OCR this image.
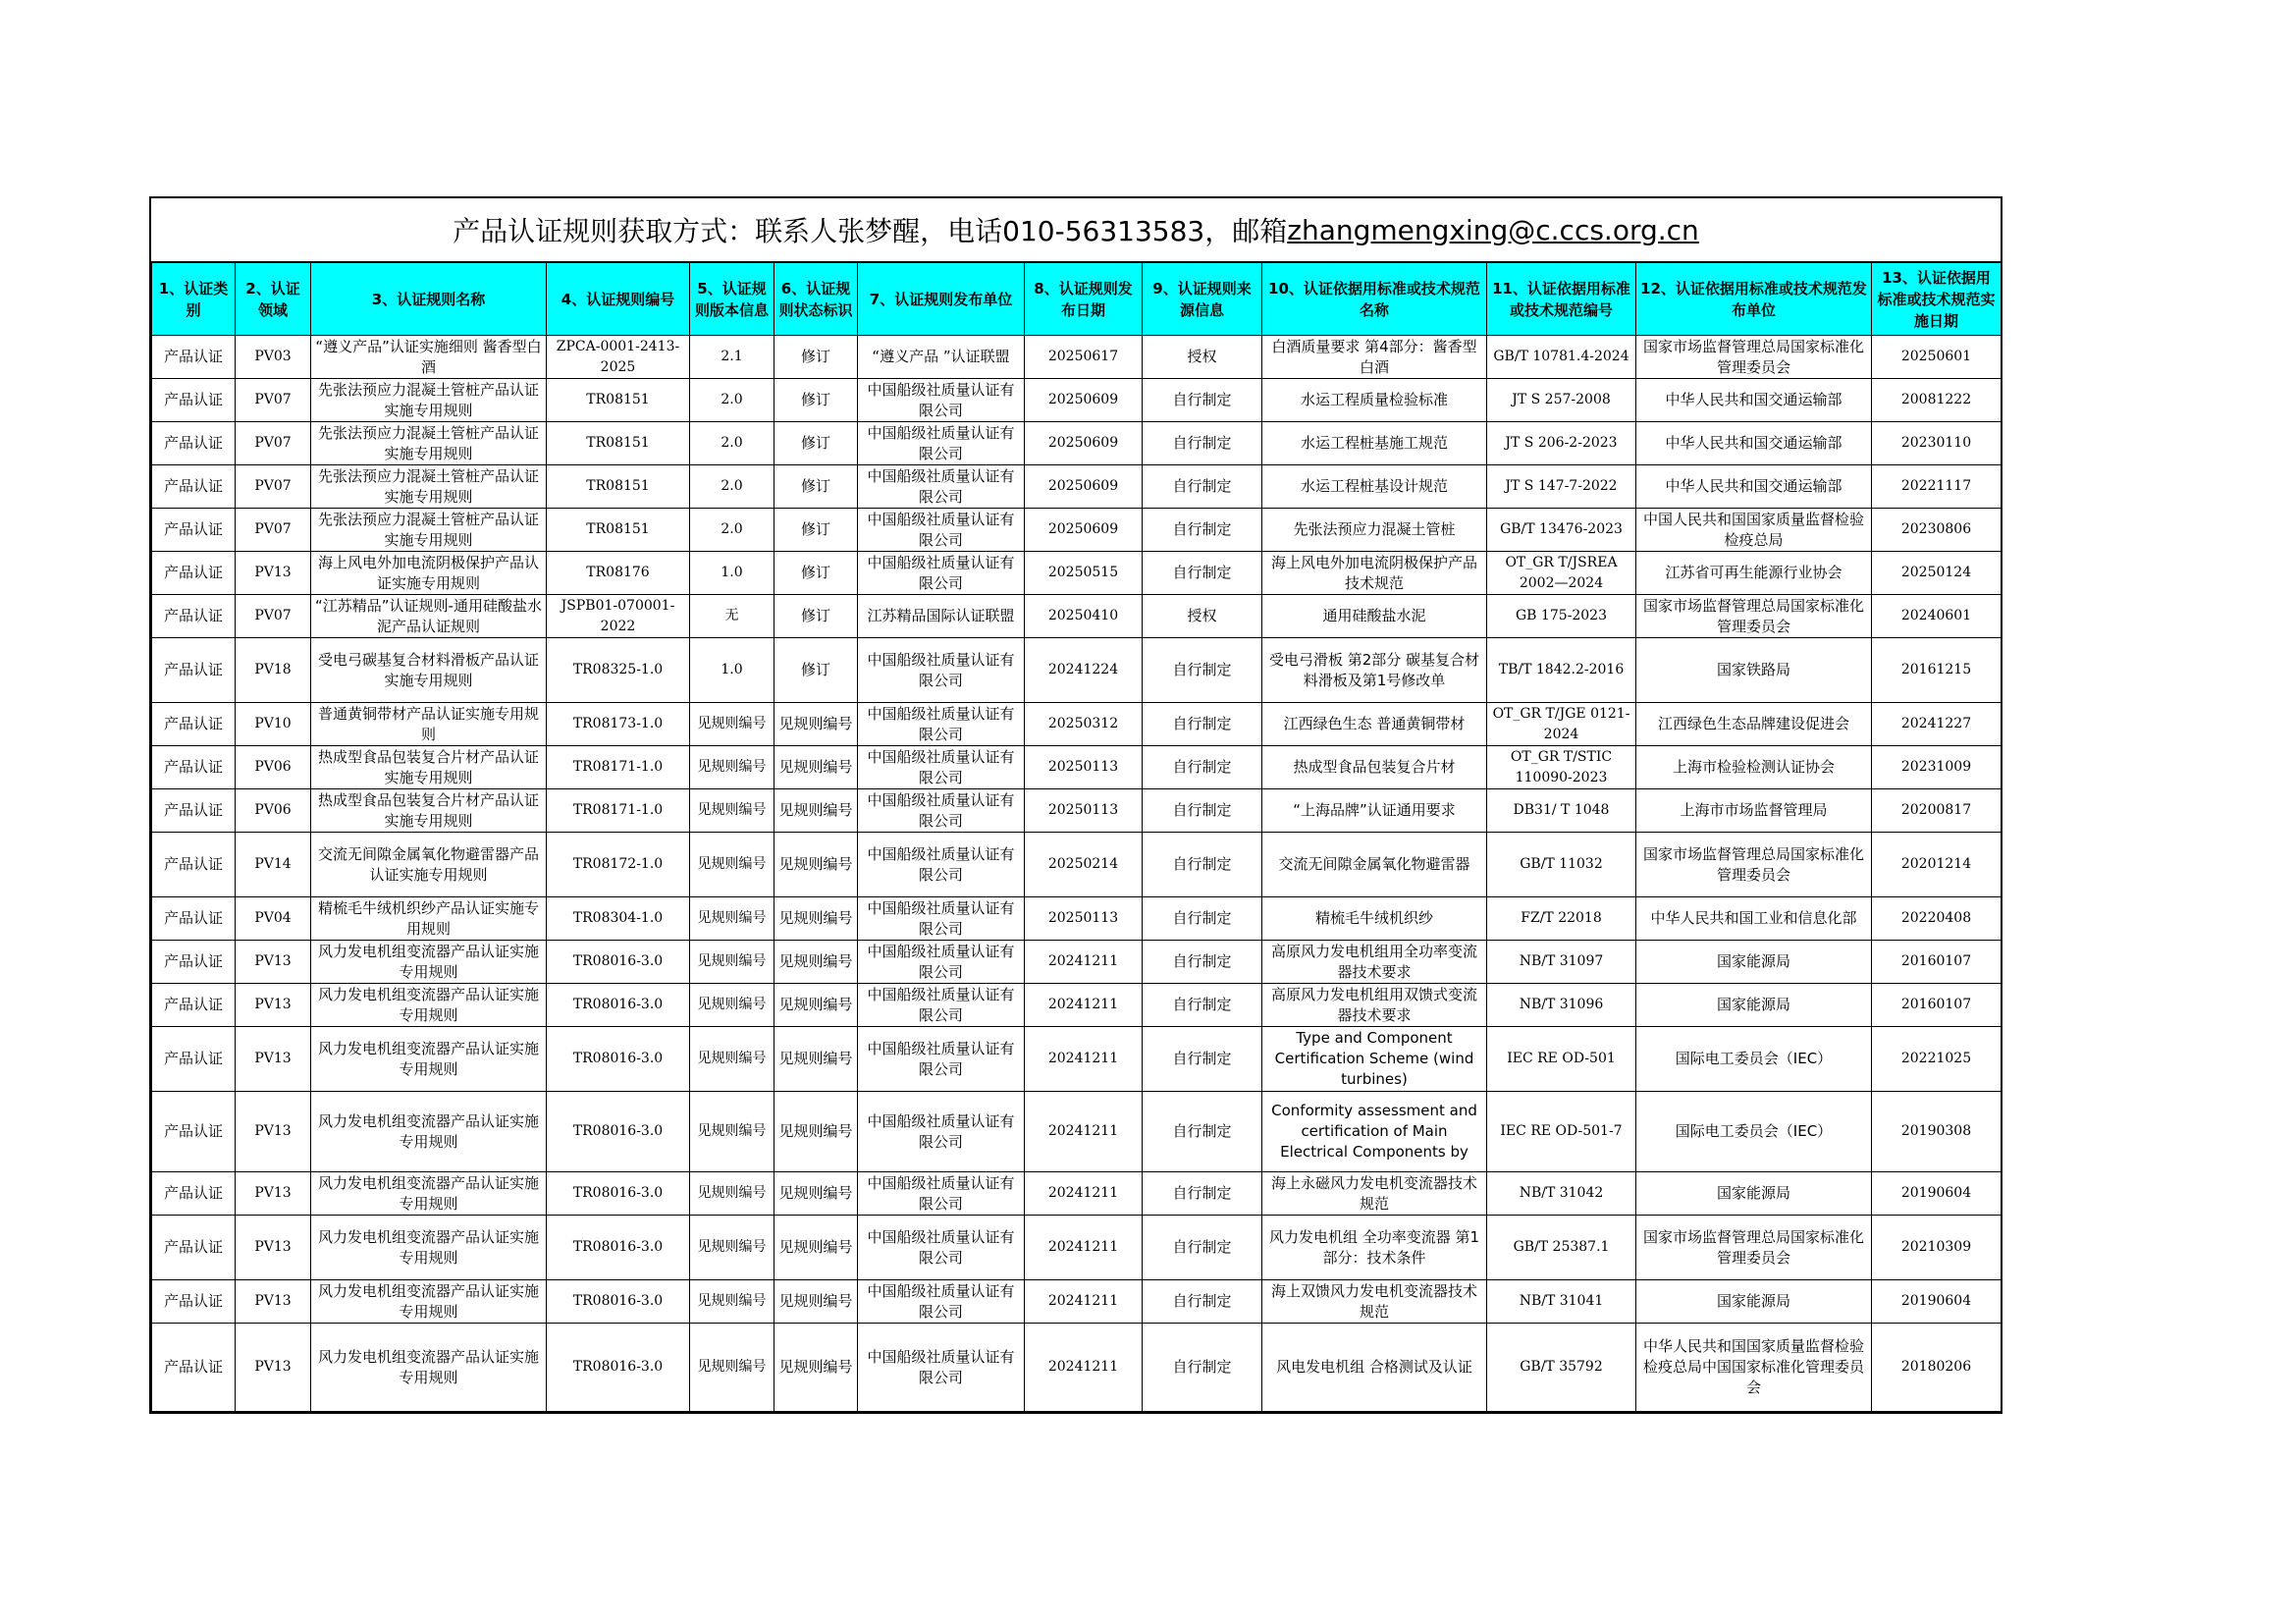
产品认证规则获取方式：联系人张梦醒，电话010-56313583，邮箱 zhangmengxing@c.ccs.org.cn
1、认证类别	2、认证领域	3、认证规则名称	4、认证规则编号	5、认证规则版本信息	6、认证规则状态标识	7、认证规则发布单位	8、认证规则发布日期	9、认证规则来源信息	10、认证依据用标准或技术规范名称	11、认证依据用标准或技术规范编号	12、认证依据用标准或技术规范发布单位	13、认证依据用标准或技术规范实施日期

产品认证	PV03	“遵义产品”认证实施细则 酱香型白酒	ZPCA-0001-2413-2025	2.1	修订	“遵义产品 ”认证联盟	20250617	授权	白酒质量要求 第4部分：酱香型白酒	GB/T 10781.4-2024	国家市场监督管理总局国家标准化管理委员会	20250601

产品认证	PV07	先张法预应力混凝土管桩产品认证实施专用规则	TR08151	2.0	修订	中国船级社质量认证有限公司	20250609	自行制定	水运工程质量检验标准	JT S 257-2008	中华人民共和国交通运输部	20081222

产品认证	PV07	先张法预应力混凝土管桩产品认证实施专用规则	TR08151	2.0	修订	中国船级社质量认证有限公司	20250609	自行制定	水运工程桩基施工规范	JT S 206-2-2023	中华人民共和国交通运输部	20230110

产品认证	PV07	先张法预应力混凝土管桩产品认证实施专用规则	TR08151	2.0	修订	中国船级社质量认证有限公司	20250609	自行制定	水运工程桩基设计规范	JT S 147-7-2022	中华人民共和国交通运输部	20221117

产品认证	PV07	先张法预应力混凝土管桩产品认证实施专用规则	TR08151	2.0	修订	中国船级社质量认证有限公司	20250609	自行制定	先张法预应力混凝土管桩	GB/T 13476-2023	中国人民共和国国家质量监督检验检疫总局	20230806

产品认证	PV13	海上风电外加电流阴极保护产品认证实施专用规则	TR08176	1.0	修订	中国船级社质量认证有限公司	20250515	自行制定	海上风电外加电流阴极保护产品技术规范	OT_GR T/JSREA 2002—2024	江苏省可再生能源行业协会	20250124

产品认证	PV07	“江苏精品”认证规则-通用硅酸盐水泥产品认证规则	JSPB01-070001-2022	无	修订	江苏精品国际认证联盟	20250410	授权	通用硅酸盐水泥	GB 175-2023	国家市场监督管理总局国家标准化管理委员会	20240601

产品认证	PV18	受电弓碳基复合材料滑板产品认证实施专用规则	TR08325-1.0	1.0	修订	中国船级社质量认证有限公司	20241224	自行制定	受电弓滑板 第2部分 碳基复合材料滑板及第1号修改单	TB/T 1842.2-2016	国家铁路局	20161215

产品认证	PV10	普通黄铜带材产品认证实施专用规则	TR08173-1.0	见规则编号	见规则编号	中国船级社质量认证有限公司	20250312	自行制定	江西绿色生态 普通黄铜带材	OT_GR T/JGE 0121-2024	江西绿色生态品牌建设促进会	20241227

产品认证	PV06	热成型食品包装复合片材产品认证实施专用规则	TR08171-1.0	见规则编号	见规则编号	中国船级社质量认证有限公司	20250113	自行制定	热成型食品包装复合片材	OT_GR T/STIC 110090-2023	上海市检验检测认证协会	20231009

产品认证	PV06	热成型食品包装复合片材产品认证实施专用规则	TR08171-1.0	见规则编号	见规则编号	中国船级社质量认证有限公司	20250113	自行制定	“上海品牌”认证通用要求	DB31/ T 1048	上海市市场监督管理局	20200817

产品认证	PV14	交流无间隙金属氧化物避雷器产品认证实施专用规则	TR08172-1.0	见规则编号	见规则编号	中国船级社质量认证有限公司	20250214	自行制定	交流无间隙金属氧化物避雷器	GB/T 11032	国家市场监督管理总局国家标准化管理委员会	20201214

产品认证	PV04	精梳毛牛绒机织纱产品认证实施专用规则	TR08304-1.0	见规则编号	见规则编号	中国船级社质量认证有限公司	20250113	自行制定	精梳毛牛绒机织纱	FZ/T 22018	中华人民共和国工业和信息化部	20220408

产品认证	PV13	风力发电机组变流器产品认证实施专用规则	TR08016-3.0	见规则编号	见规则编号	中国船级社质量认证有限公司	20241211	自行制定	高原风力发电机组用全功率变流器技术要求	NB/T 31097	国家能源局	20160107

产品认证	PV13	风力发电机组变流器产品认证实施专用规则	TR08016-3.0	见规则编号	见规则编号	中国船级社质量认证有限公司	20241211	自行制定	高原风力发电机组用双馈式变流器技术要求	NB/T 31096	国家能源局	20160107

产品认证	PV13	风力发电机组变流器产品认证实施专用规则	TR08016-3.0	见规则编号	见规则编号	中国船级社质量认证有限公司	20241211	自行制定	Type and Component Certification Scheme (wind turbines)	IEC RE OD-501	国际电工委员会（IEC）	20221025

产品认证	PV13	风力发电机组变流器产品认证实施专用规则	TR08016-3.0	见规则编号	见规则编号	中国船级社质量认证有限公司	20241211	自行制定	Conformity assessment and certification of Main Electrical Components by	IEC RE OD-501-7	国际电工委员会（IEC）	20190308

产品认证	PV13	风力发电机组变流器产品认证实施专用规则	TR08016-3.0	见规则编号	见规则编号	中国船级社质量认证有限公司	20241211	自行制定	海上永磁风力发电机变流器技术规范	NB/T 31042	国家能源局	20190604

产品认证	PV13	风力发电机组变流器产品认证实施专用规则	TR08016-3.0	见规则编号	见规则编号	中国船级社质量认证有限公司	20241211	自行制定	风力发电机组 全功率变流器 第1部分：技术条件	GB/T 25387.1	国家市场监督管理总局国家标准化管理委员会	20210309

产品认证	PV13	风力发电机组变流器产品认证实施专用规则	TR08016-3.0	见规则编号	见规则编号	中国船级社质量认证有限公司	20241211	自行制定	海上双馈风力发电机变流器技术规范	NB/T 31041	国家能源局	20190604

产品认证	PV13	风力发电机组变流器产品认证实施专用规则	TR08016-3.0	见规则编号	见规则编号	中国船级社质量认证有限公司	20241211	自行制定	风电发电机组 合格测试及认证	GB/T 35792	中华人民共和国国家质量监督检验检疫总局中国国家标准化管理委员会	20180206
